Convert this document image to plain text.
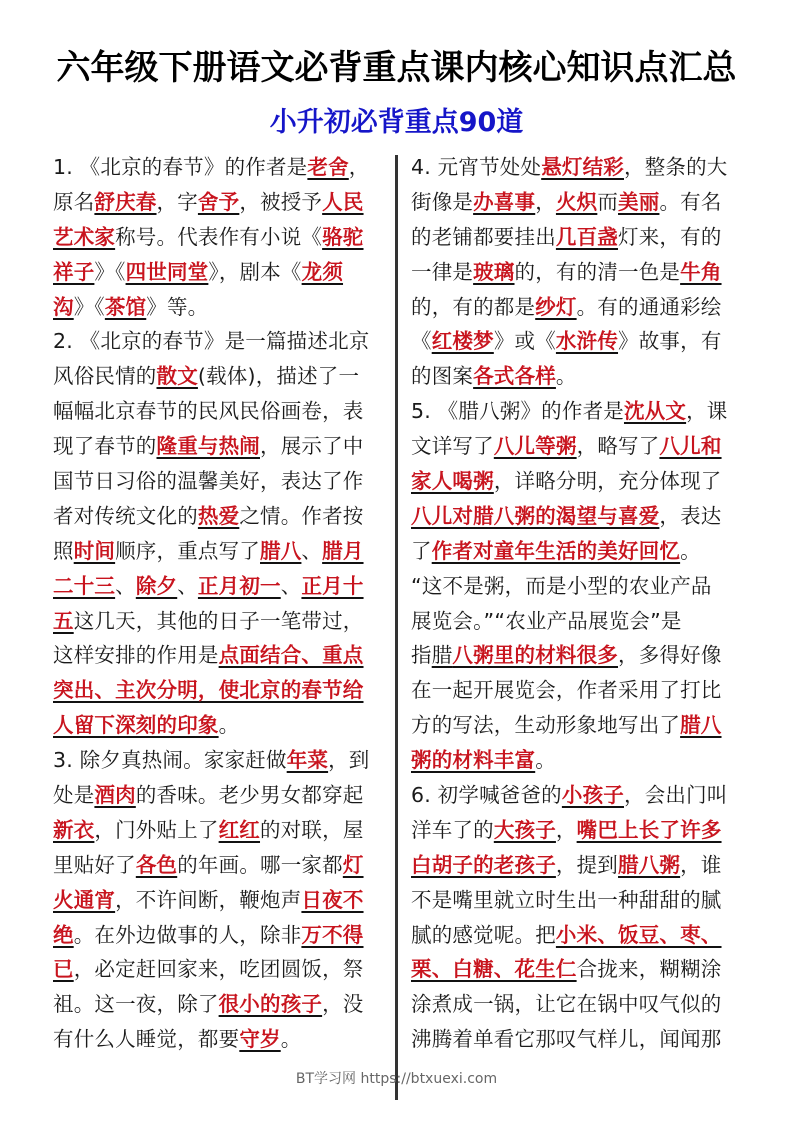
六年级下册语文必背重点课内核心知识点汇总
小升初必背重点90道
1. 《北京的春节》的作者是老舍，
原名舒庆春，字舍予，被授予人民
艺术家称号。代表作有小说《骆驼
祥子》《四世同堂》，剧本《龙须
沟》《茶馆》等。
2. 《北京的春节》是一篇描述北京
风俗民情的散文(载体)，描述了一
幅幅北京春节的民风民俗画卷，表
现了春节的隆重与热闹，展示了中
国节日习俗的温馨美好，表达了作
者对传统文化的热爱之情。作者按
照时间顺序，重点写了腊八、腊月
二十三、除夕、正月初一、正月十
五这几天，其他的日子一笔带过，
这样安排的作用是点面结合、重点
突出、主次分明，使北京的春节给
人留下深刻的印象。
3. 除夕真热闹。家家赶做年菜，到
处是酒肉的香味。老少男女都穿起
新衣，门外贴上了红红的对联，屋
里贴好了各色的年画。哪一家都灯
火通宵，不许间断，鞭炮声日夜不
绝。在外边做事的人，除非万不得
已，必定赶回家来，吃团圆饭，祭
祖。这一夜，除了很小的孩子，没
有什么人睡觉，都要守岁。
4. 元宵节处处悬灯结彩，整条的大
街像是办喜事，火炽而美丽。有名
的老铺都要挂出几百盏灯来，有的
一律是玻璃的，有的清一色是牛角
的，有的都是纱灯。有的通通彩绘
《红楼梦》或《水浒传》故事，有
的图案各式各样。
5. 《腊八粥》的作者是沈从文，课
文详写了八儿等粥，略写了八儿和
家人喝粥，详略分明，充分体现了
八儿对腊八粥的渴望与喜爱，表达
了作者对童年生活的美好回忆。
“这不是粥，而是小型的农业产品
展览会。”“农业产品展览会”是
指腊八粥里的材料很多，多得好像
在一起开展览会，作者采用了打比
方的写法，生动形象地写出了腊八
粥的材料丰富。
6. 初学喊爸爸的小孩子，会出门叫
洋车了的大孩子，嘴巴上长了许多
白胡子的老孩子，提到腊八粥，谁
不是嘴里就立时生出一种甜甜的腻
腻的感觉呢。把小米、饭豆、枣、
栗、白糖、花生仁合拢来，糊糊涂
涂煮成一锅，让它在锅中叹气似的
沸腾着单看它那叹气样儿，闻闻那
BT学习网 https://btxuexi.com
